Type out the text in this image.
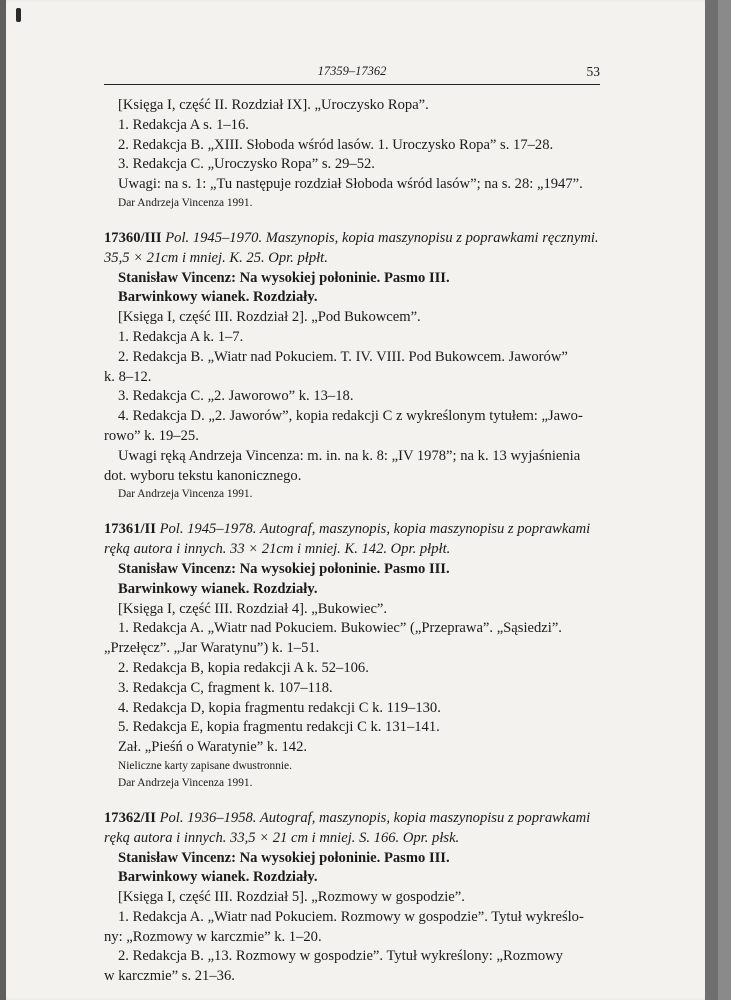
17359–17362	53
[Księga I, część II. Rozdział IX]. „Uroczysko Ropa”.
1. Redakcja A s. 1–16.
2. Redakcja B. „XIII. Słoboda wśród lasów. 1. Uroczysko Ropa” s. 17–28.
3. Redakcja C. „Uroczysko Ropa” s. 29–52.
Uwagi: na s. 1: „Tu następuje rozdział Słoboda wśród lasów”; na s. 28: „1947”.
Dar Andrzeja Vincenza 1991.
17360/III Pol. 1945–1970. Maszynopis, kopia maszynopisu z poprawkami ręcznymi.
35,5 × 21cm i mniej. K. 25. Opr. płpłt.
Stanisław Vincenz: Na wysokiej połoninie. Pasmo III.
Barwinkowy wianek. Rozdziały.
[Księga I, część III. Rozdział 2]. „Pod Bukowcem”.
1. Redakcja A k. 1–7.
2. Redakcja B. „Wiatr nad Pokuciem. T. IV. VIII. Pod Bukowcem. Jaworów”
k. 8–12.
3. Redakcja C. „2. Jaworowo” k. 13–18.
4. Redakcja D. „2. Jaworów”, kopia redakcji C z wykreślonym tytułem: „Jawo-
rowo” k. 19–25.
Uwagi ręką Andrzeja Vincenza: m. in. na k. 8: „IV 1978”; na k. 13 wyjaśnienia
dot. wyboru tekstu kanonicznego.
Dar Andrzeja Vincenza 1991.
17361/II Pol. 1945–1978. Autograf, maszynopis, kopia maszynopisu z poprawkami
ręką autora i innych. 33 × 21cm i mniej. K. 142. Opr. płpłt.
Stanisław Vincenz: Na wysokiej połoninie. Pasmo III.
Barwinkowy wianek. Rozdziały.
[Księga I, część III. Rozdział 4]. „Bukowiec”.
1. Redakcja A. „Wiatr nad Pokuciem. Bukowiec” („Przeprawa”. „Sąsiedzi”.
„Przełęcz”. „Jar Waratynu”) k. 1–51.
2. Redakcja B, kopia redakcji A k. 52–106.
3. Redakcja C, fragment k. 107–118.
4. Redakcja D, kopia fragmentu redakcji C k. 119–130.
5. Redakcja E, kopia fragmentu redakcji C k. 131–141.
Zał. „Pieśń o Waratynie” k. 142.
Nieliczne karty zapisane dwustronnie.
Dar Andrzeja Vincenza 1991.
17362/II Pol. 1936–1958. Autograf, maszynopis, kopia maszynopisu z poprawkami
ręką autora i innych. 33,5 × 21 cm i mniej. S. 166. Opr. płsk.
Stanisław Vincenz: Na wysokiej połoninie. Pasmo III.
Barwinkowy wianek. Rozdziały.
[Księga I, część III. Rozdział 5]. „Rozmowy w gospodzie”.
1. Redakcja A. „Wiatr nad Pokuciem. Rozmowy w gospodzie”. Tytuł wykreślo-
ny: „Rozmowy w karczmie” k. 1–20.
2. Redakcja B. „13. Rozmowy w gospodzie”. Tytuł wykreślony: „Rozmowy
w karczmie” s. 21–36.
